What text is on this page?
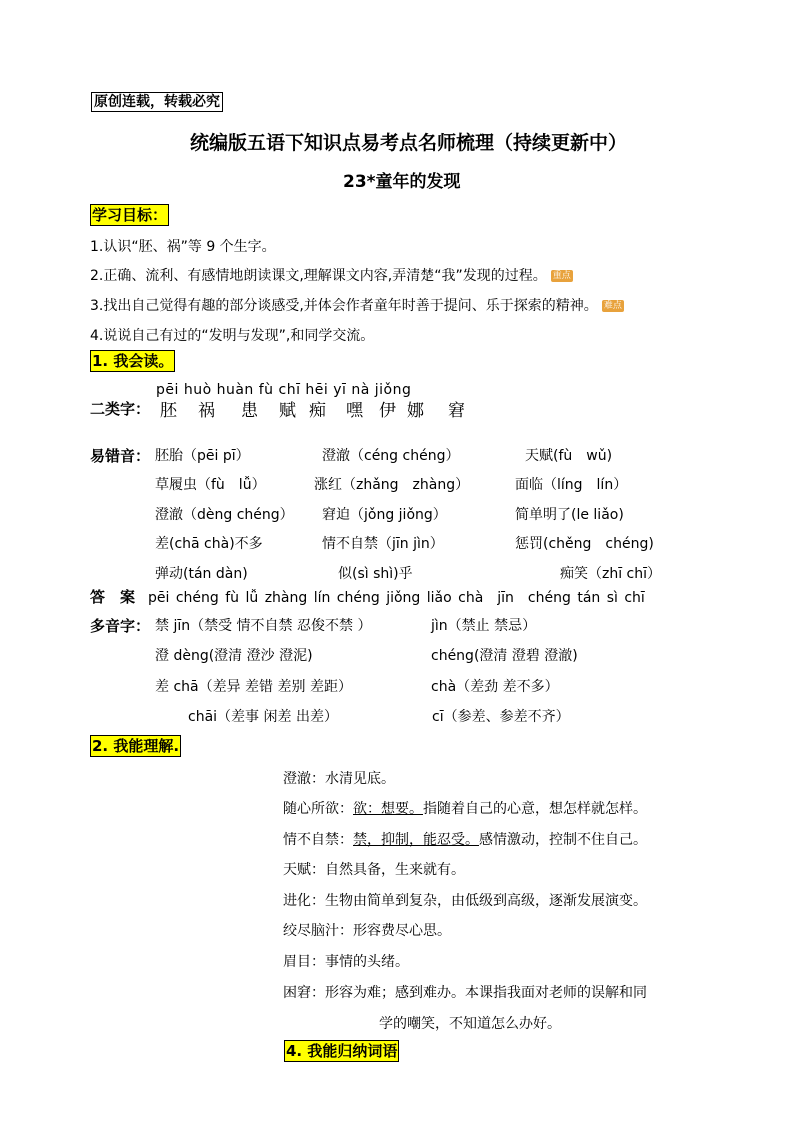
原创连载，转载必究
统编版五语下知识点易考点名师梳理（持续更新中）
23*童年的发现
学习目标：
1.认识“胚、祸”等 9 个生字。
2.正确、流利、有感情地朗读课文,理解课文内容,弄清楚“我”发现的过程。 重点
3.找出自己觉得有趣的部分谈感受,并体会作者童年时善于提问、乐于探索的精神。 难点
4.说说自己有过的“发明与发现”,和同学交流。
1. 我会读。
pēi huò huàn fù chī hēi yī nà jiǒng
二类字： 胚 祸 患 赋 痴 嘿 伊 娜 窘
易错音： 胚胎（pēi pī）	澄澈（céng chéng）	天赋(fù　wǔ)
草履虫（fù　lǚ）	涨红（zhǎng　zhàng）	面临（líng　lín）
澄澈（dèng chéng） 窘迫（jǒng jiǒng）	简单明了(le liǎo)
差(chā chà)不多	情不自禁（jīn jìn）	惩罚(chěng　chéng)
弹动(tán dàn)	似(sì shì)乎	痴笑（zhī chī）
答　案 pēi chéng fù lǚ zhàng lín chéng jiǒng liǎo chà　jīn　chéng tán sì chī
多音字： 禁 jīn（禁受 情不自禁 忍俊不禁 ）	jìn（禁止 禁忌）
澄 dèng(澄清 澄沙 澄泥)	chéng(澄清 澄碧 澄澈)
差 chā（差异 差错 差别 差距）	chà（差劲 差不多）
chāi（差事 闲差 出差）	cī（参差、参差不齐）
2. 我能理解.
澄澈：水清见底。
随心所欲：欲：想要。指随着自己的心意，想怎样就怎样。
情不自禁：禁，抑制，能忍受。感情激动，控制不住自己。
天赋：自然具备，生来就有。
进化：生物由简单到复杂，由低级到高级，逐渐发展演变。
绞尽脑汁：形容费尽心思。
眉目：事情的头绪。
困窘：形容为难；感到难办。本课指我面对老师的误解和同
学的嘲笑，不知道怎么办好。
4. 我能归纳词语
